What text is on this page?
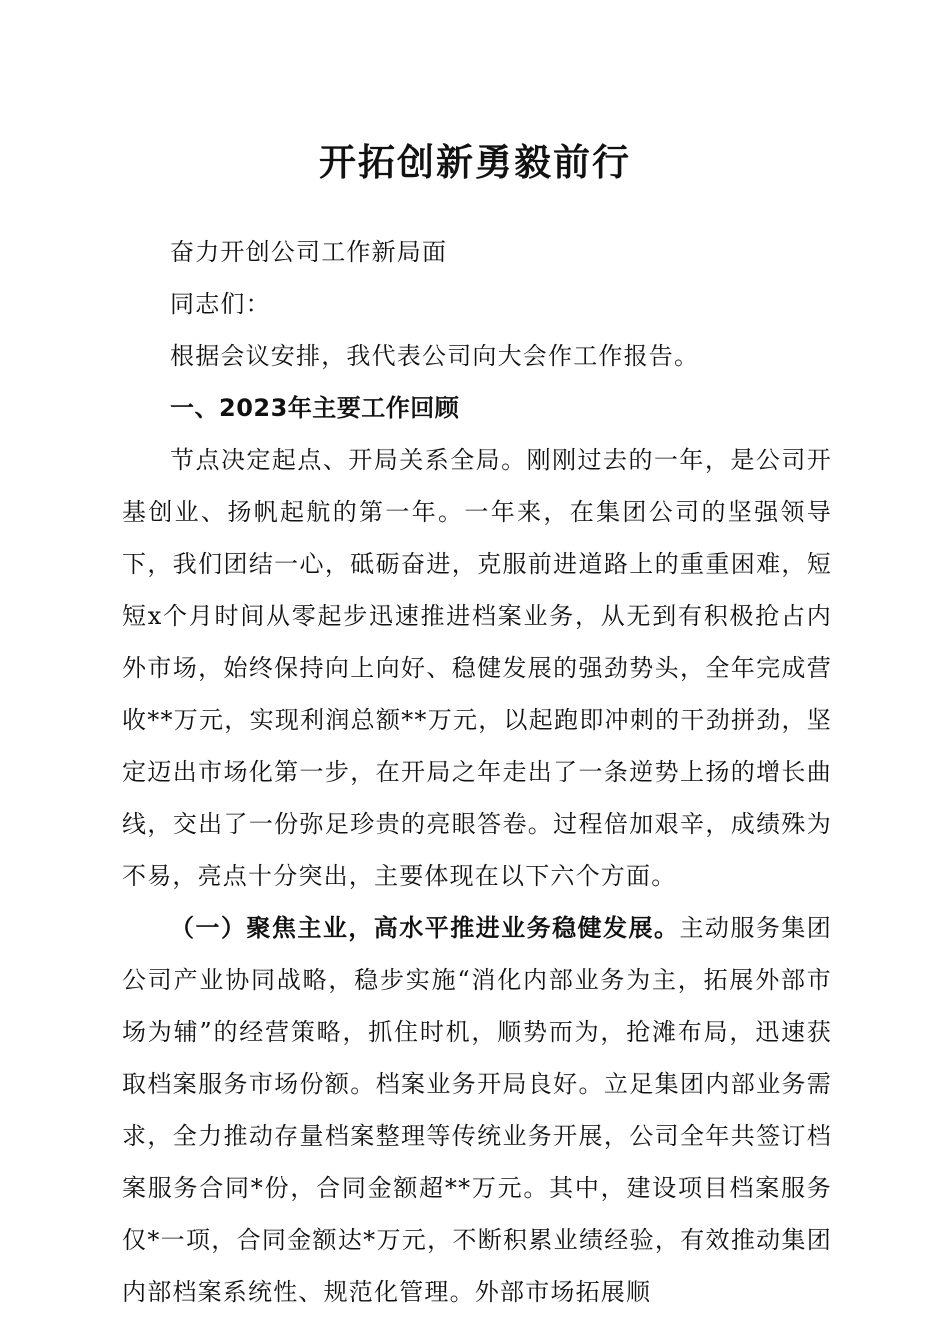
开拓创新勇毅前行

奋力开创公司工作新局面

同志们：

根据会议安排，我代表公司向大会作工作报告。

一、2023年主要工作回顾

节点决定起点、开局关系全局。刚刚过去的一年，是公司开基创业、扬帆起航的第一年。一年来，在集团公司的坚强领导下，我们团结一心，砥砺奋进，克服前进道路上的重重困难，短短x个月时间从零起步迅速推进档案业务，从无到有积极抢占内外市场，始终保持向上向好、稳健发展的强劲势头，全年完成营收**万元，实现利润总额**万元，以起跑即冲刺的干劲拼劲，坚定迈出市场化第一步，在开局之年走出了一条逆势上扬的增长曲线，交出了一份弥足珍贵的亮眼答卷。过程倍加艰辛，成绩殊为不易，亮点十分突出，主要体现在以下六个方面。

（一）聚焦主业，高水平推进业务稳健发展。主动服务集团公司产业协同战略，稳步实施“消化内部业务为主，拓展外部市场为辅”的经营策略，抓住时机，顺势而为，抢滩布局，迅速获取档案服务市场份额。档案业务开局良好。立足集团内部业务需求，全力推动存量档案整理等传统业务开展，公司全年共签订档案服务合同*份，合同金额超**万元。其中，建设项目档案服务仅*一项，合同金额达*万元，不断积累业绩经验，有效推动集团内部档案系统性、规范化管理。外部市场拓展顺
